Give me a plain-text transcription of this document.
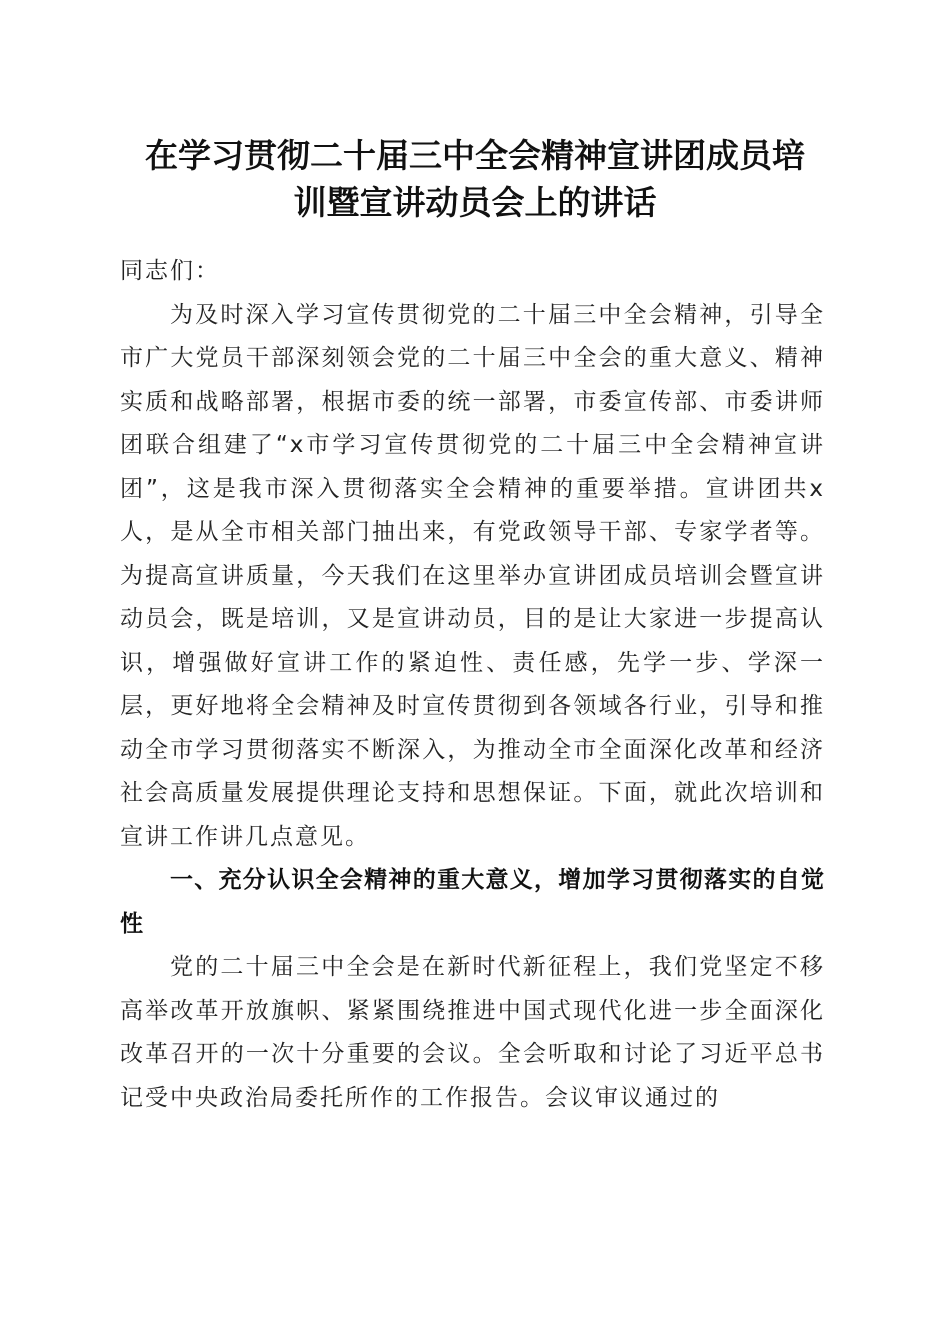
在学习贯彻二十届三中全会精神宣讲团成员培
训暨宣讲动员会上的讲话

同志们：

为及时深入学习宣传贯彻党的二十届三中全会精神，引导全市广大党员干部深刻领会党的二十届三中全会的重大意义、精神实质和战略部署，根据市委的统一部署，市委宣传部、市委讲师团联合组建了“x市学习宣传贯彻党的二十届三中全会精神宣讲团”，这是我市深入贯彻落实全会精神的重要举措。宣讲团共x人，是从全市相关部门抽出来，有党政领导干部、专家学者等。为提高宣讲质量，今天我们在这里举办宣讲团成员培训会暨宣讲动员会，既是培训，又是宣讲动员，目的是让大家进一步提高认识，增强做好宣讲工作的紧迫性、责任感，先学一步、学深一层，更好地将全会精神及时宣传贯彻到各领域各行业，引导和推动全市学习贯彻落实不断深入，为推动全市全面深化改革和经济社会高质量发展提供理论支持和思想保证。下面，就此次培训和宣讲工作讲几点意见。

一、充分认识全会精神的重大意义，增加学习贯彻落实的自觉性

党的二十届三中全会是在新时代新征程上，我们党坚定不移高举改革开放旗帜、紧紧围绕推进中国式现代化进一步全面深化改革召开的一次十分重要的会议。全会听取和讨论了习近平总书记受中央政治局委托所作的工作报告。会议审议通过的
